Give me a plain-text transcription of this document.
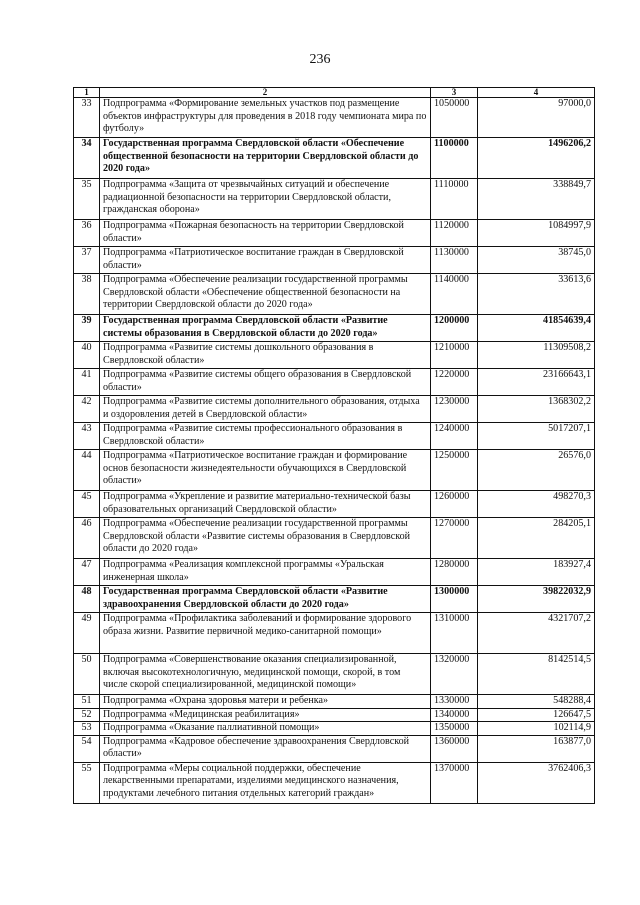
236
1	2	3	4
33	Подпрограмма «Формирование земельных участков под размещение объектов инфраструктуры для проведения в 2018 году чемпионата мира по футболу»	1050000	97000,0
34	Государственная программа Свердловской области «Обеспечение общественной безопасности на территории Свердловской области до 2020 года»	1100000	1496206,2
35	Подпрограмма «Защита от чрезвычайных ситуаций и обеспечение радиационной безопасности на территории Свердловской области, гражданская оборона»	1110000	338849,7
36	Подпрограмма «Пожарная безопасность на территории Свердловской области»	1120000	1084997,9
37	Подпрограмма «Патриотическое воспитание граждан в Свердловской области»	1130000	38745,0
38	Подпрограмма «Обеспечение реализации государственной программы Свердловской области «Обеспечение общественной безопасности на территории Свердловской области до 2020 года»	1140000	33613,6
39	Государственная программа Свердловской области «Развитие системы образования в Свердловской области до 2020 года»	1200000	41854639,4
40	Подпрограмма «Развитие системы дошкольного образования в Свердловской области»	1210000	11309508,2
41	Подпрограмма «Развитие системы общего образования в Свердловской области»	1220000	23166643,1
42	Подпрограмма «Развитие системы дополнительного образования, отдыха и оздоровления детей в Свердловской области»	1230000	1368302,2
43	Подпрограмма «Развитие системы профессионального образования в Свердловской области»	1240000	5017207,1
44	Подпрограмма «Патриотическое воспитание граждан и формирование основ безопасности жизнедеятельности обучающихся в Свердловской области»	1250000	26576,0
45	Подпрограмма «Укрепление и развитие материально-технической базы образовательных организаций Свердловской области»	1260000	498270,3
46	Подпрограмма «Обеспечение реализации государственной программы Свердловской области «Развитие системы образования в Свердловской области до 2020 года»	1270000	284205,1
47	Подпрограмма «Реализация комплексной программы «Уральская инженерная школа»	1280000	183927,4
48	Государственная программа Свердловской области «Развитие здравоохранения Свердловской области до 2020 года»	1300000	39822032,9
49	Подпрограмма «Профилактика заболеваний и формирование здорового образа жизни. Развитие первичной медико-санитарной помощи»	1310000	4321707,2
50	Подпрограмма «Совершенствование оказания специализированной, включая высокотехнологичную, медицинской помощи, скорой, в том числе скорой специализированной, медицинской помощи»	1320000	8142514,5
51	Подпрограмма «Охрана здоровья матери и ребенка»	1330000	548288,4
52	Подпрограмма «Медицинская реабилитация»	1340000	126647,5
53	Подпрограмма «Оказание паллиативной помощи»	1350000	102114,9
54	Подпрограмма «Кадровое обеспечение здравоохранения Свердловской области»	1360000	163877,0
55	Подпрограмма «Меры социальной поддержки, обеспечение лекарственными препаратами, изделиями медицинского назначения, продуктами лечебного питания отдельных категорий граждан»	1370000	3762406,3
